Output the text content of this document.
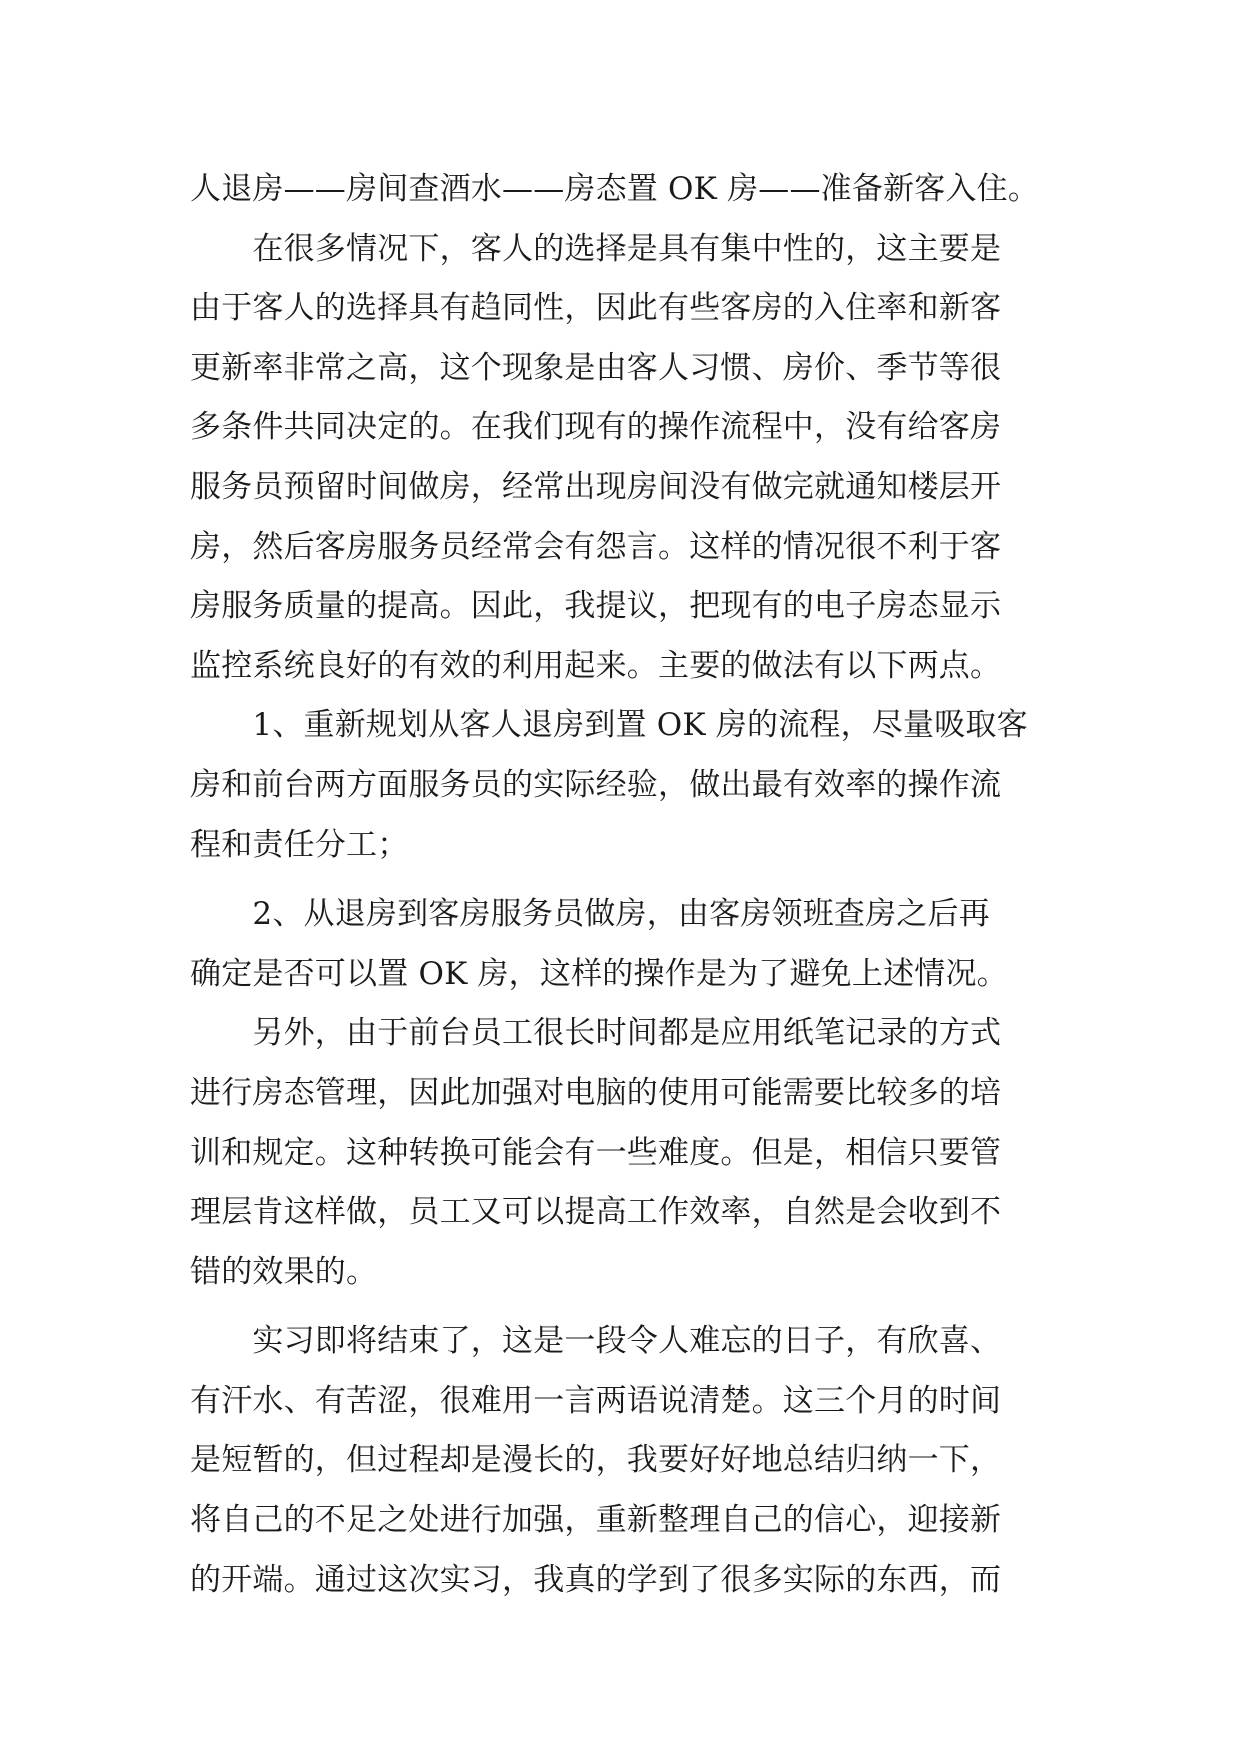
人退房——房间查酒水——房态置 OK 房——准备新客入住。
　　在很多情况下，客人的选择是具有集中性的，这主要是
由于客人的选择具有趋同性，因此有些客房的入住率和新客
更新率非常之高，这个现象是由客人习惯、房价、季节等很
多条件共同决定的。在我们现有的操作流程中，没有给客房
服务员预留时间做房，经常出现房间没有做完就通知楼层开
房，然后客房服务员经常会有怨言。这样的情况很不利于客
房服务质量的提高。因此，我提议，把现有的电子房态显示
监控系统良好的有效的利用起来。主要的做法有以下两点。
　　1、重新规划从客人退房到置 OK 房的流程，尽量吸取客
房和前台两方面服务员的实际经验，做出最有效率的操作流
程和责任分工；
　　2、从退房到客房服务员做房，由客房领班查房之后再
确定是否可以置 OK 房，这样的操作是为了避免上述情况。
　　另外，由于前台员工很长时间都是应用纸笔记录的方式
进行房态管理，因此加强对电脑的使用可能需要比较多的培
训和规定。这种转换可能会有一些难度。但是，相信只要管
理层肯这样做，员工又可以提高工作效率，自然是会收到不
错的效果的。
　　实习即将结束了，这是一段令人难忘的日子，有欣喜、
有汗水、有苦涩，很难用一言两语说清楚。这三个月的时间
是短暂的，但过程却是漫长的，我要好好地总结归纳一下，
将自己的不足之处进行加强，重新整理自己的信心，迎接新
的开端。通过这次实习，我真的学到了很多实际的东西，而
